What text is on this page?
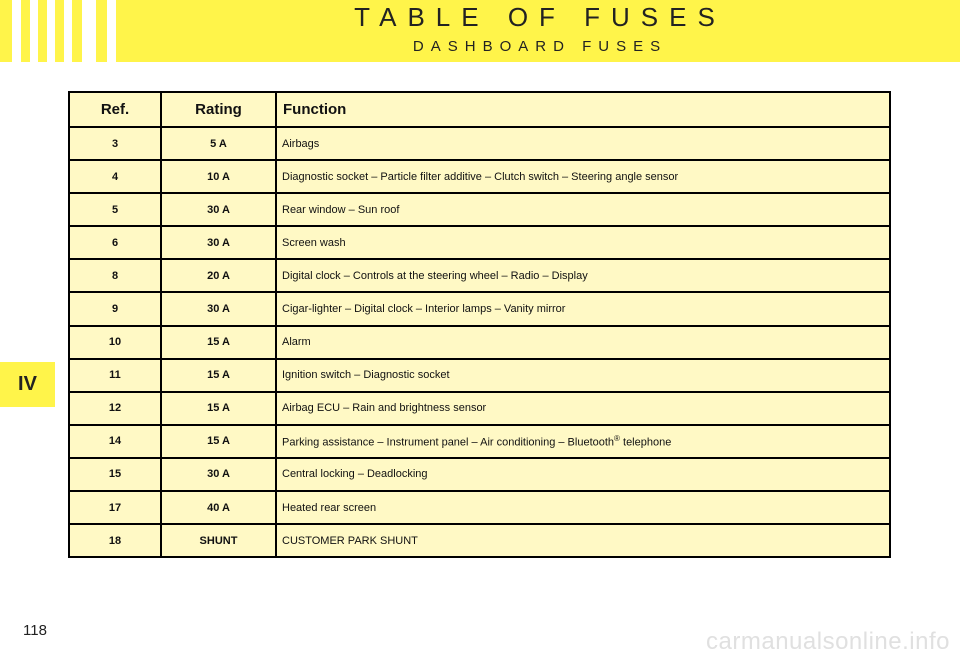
TABLE OF FUSES
DASHBOARD FUSES
IV
Ref.	Rating	Function
3	5 A	Airbags
4	10 A	Diagnostic socket – Particle filter additive – Clutch switch – Steering angle sensor
5	30 A	Rear window – Sun roof
6	30 A	Screen wash
8	20 A	Digital clock – Controls at the steering wheel – Radio – Display
9	30 A	Cigar-lighter – Digital clock – Interior lamps – Vanity mirror
10	15 A	Alarm
11	15 A	Ignition switch – Diagnostic socket
12	15 A	Airbag ECU – Rain and brightness sensor
14	15 A	Parking assistance – Instrument panel – Air conditioning – Bluetooth® telephone
15	30 A	Central locking – Deadlocking
17	40 A	Heated rear screen
18	SHUNT	CUSTOMER PARK SHUNT
118	carmanualsonline.info
